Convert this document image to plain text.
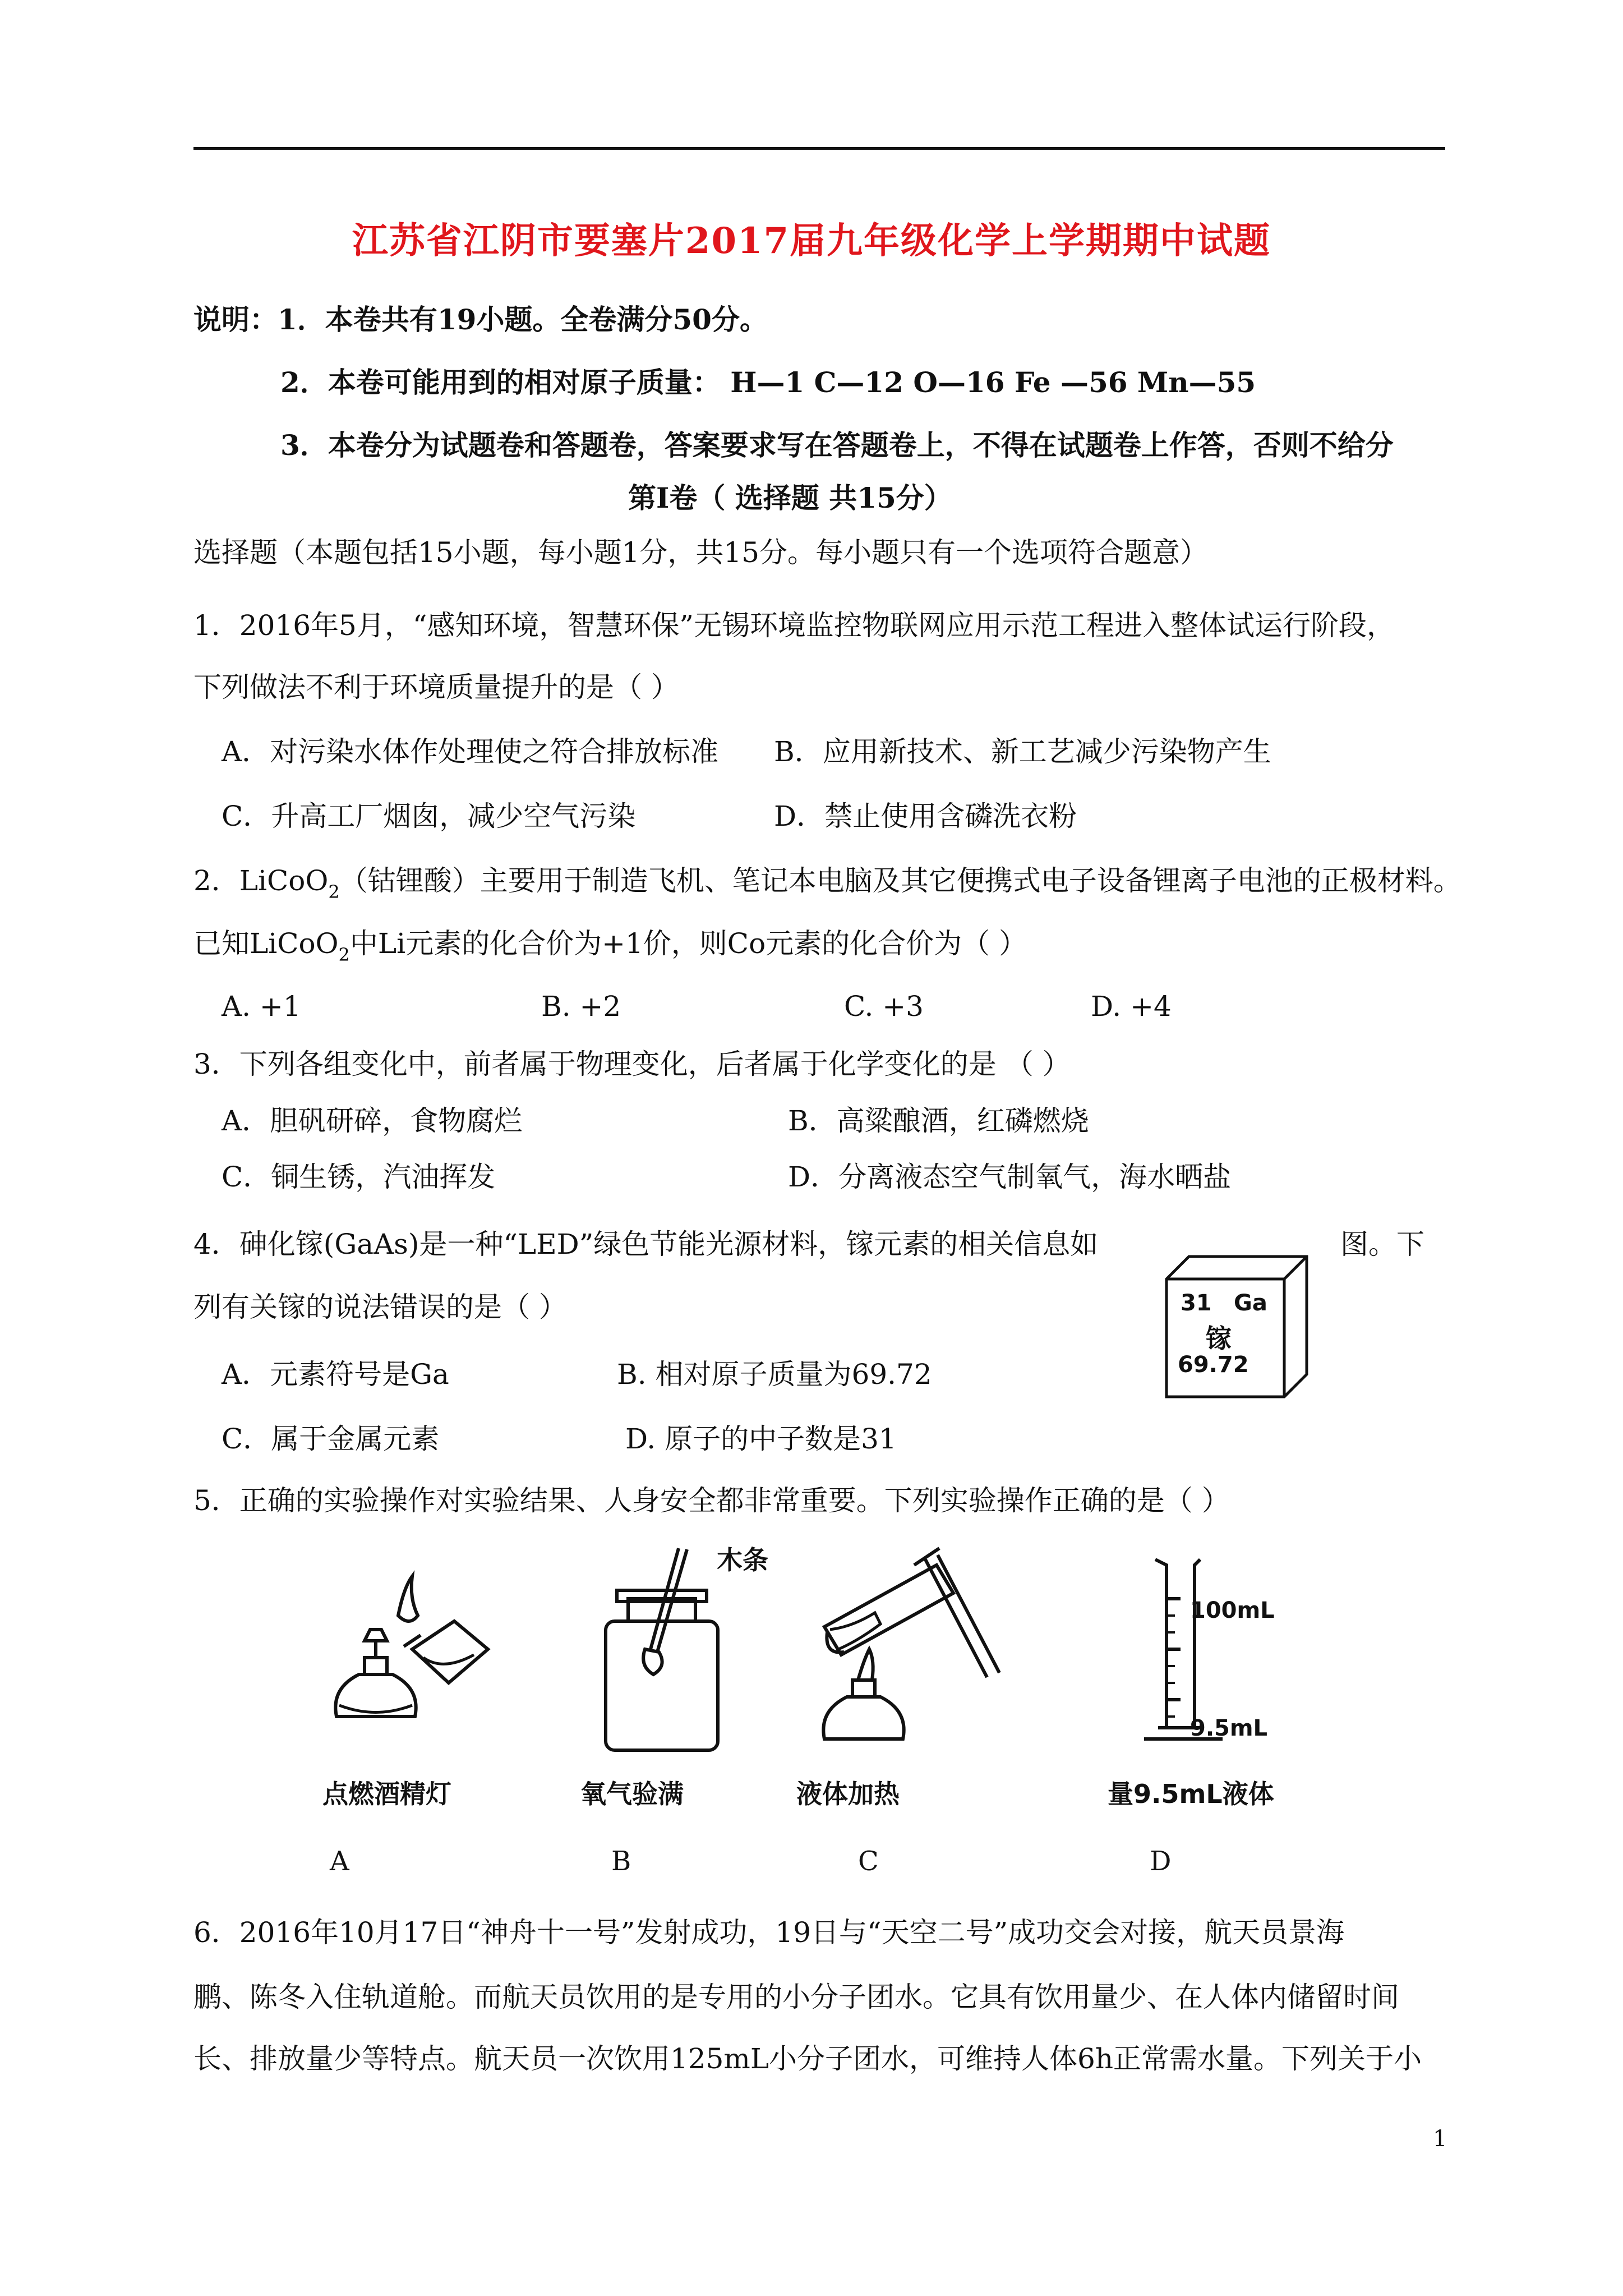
江苏省江阴市要塞片2017届九年级化学上学期期中试题
说明：1．本卷共有19小题。全卷满分50分。
2．本卷可能用到的相对原子质量： H—1 C—12 O—16 Fe —56 Mn—55
3．本卷分为试题卷和答题卷，答案要求写在答题卷上，不得在试题卷上作答，否则不给分
第Ⅰ卷（ 选择题 共15分）
选择题（本题包括15小题，每小题1分，共15分。每小题只有一个选项符合题意）
1．2016年5月，“感知环境，智慧环保”无锡环境监控物联网应用示范工程进入整体试运行阶段，
下列做法不利于环境质量提升的是（ ）
A．对污染水体作处理使之符合排放标准 B．应用新技术、新工艺减少污染物产生
C．升高工厂烟囱，减少空气污染	D．禁止使用含磷洗衣粉
2．LiCoO$_2$（钴锂酸）主要用于制造飞机、笔记本电脑及其它便携式电子设备锂离子电池的正极材料。
已知LiCoO$_2$中Li元素的化合价为+1价，则Co元素的化合价为（ ）
A. +1	B. +2	C. +3	D. +4
3．下列各组变化中，前者属于物理变化，后者属于化学变化的是 （ ）
A．胆矾研碎，食物腐烂	B．高粱酿酒，红磷燃烧
C．铜生锈，汽油挥发	D．分离液态空气制氧气，海水晒盐
4．砷化镓(GaAs)是一种“LED”绿色节能光源材料，镓元素的相关信息如	图。下
列有关镓的说法错误的是（ ）
A．元素符号是Ga	B. 相对原子质量为69.72
C．属于金属元素	D. 原子的中子数是31
31 Ga
镓
69.72
5．正确的实验操作对实验结果、人身安全都非常重要。下列实验操作正确的是（ ）
点燃酒精灯
A
木条
氧气验满
B
液体加热
C
100mL
9.5mL
量9.5mL液体
D
6．2016年10月17日“神舟十一号”发射成功，19日与“天空二号”成功交会对接，航天员景海
鹏、陈冬入住轨道舱。而航天员饮用的是专用的小分子团水。它具有饮用量少、在人体内储留时间
长、排放量少等特点。航天员一次饮用125mL小分子团水，可维持人体6h正常需水量。下列关于小
1
